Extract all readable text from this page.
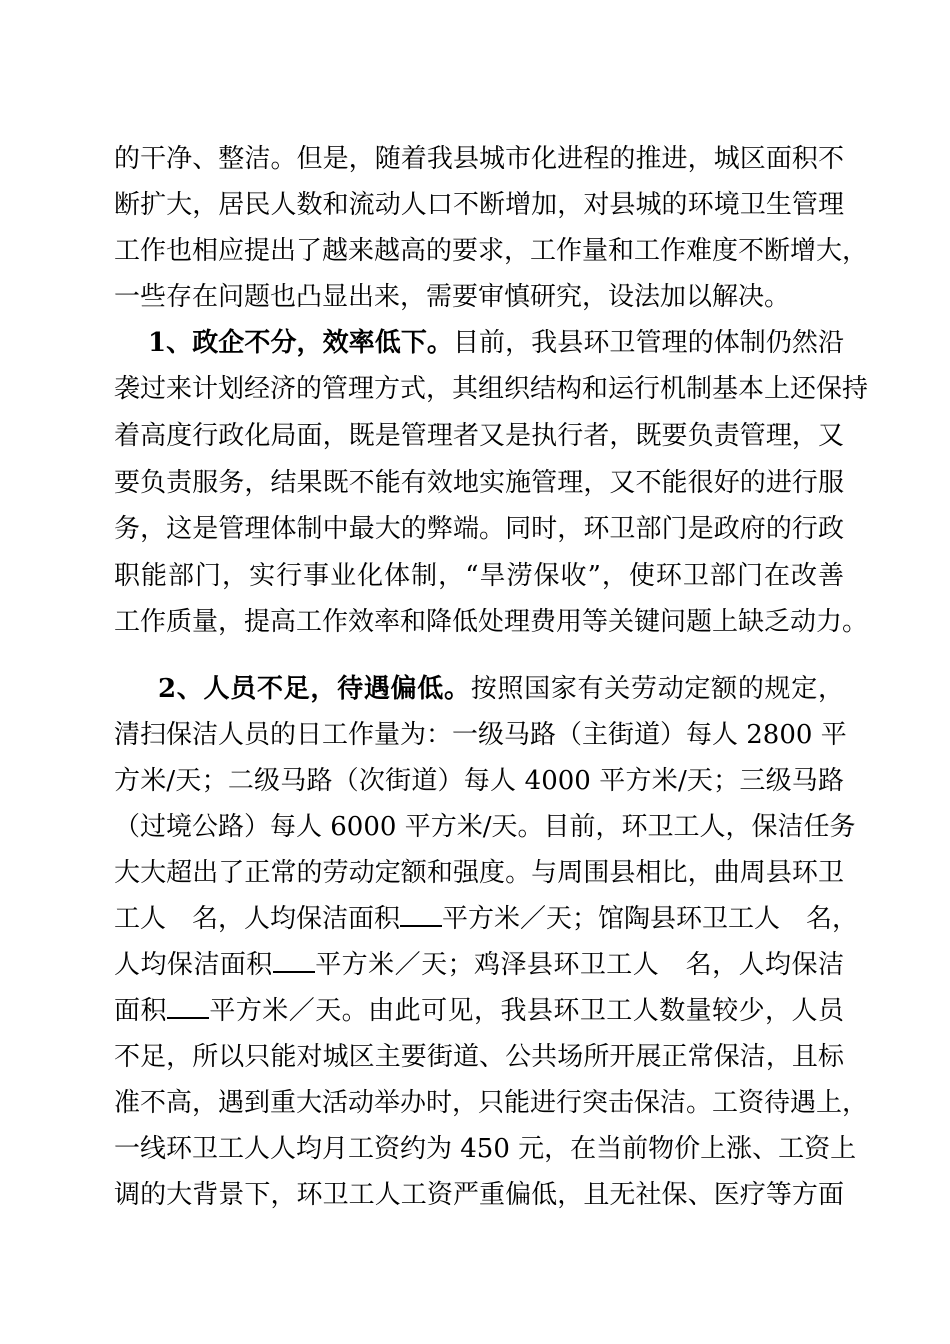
的干净、整洁。但是，随着我县城市化进程的推进，城区面积不
断扩大，居民人数和流动人口不断增加，对县城的环境卫生管理
工作也相应提出了越来越高的要求，工作量和工作难度不断增大，
一些存在问题也凸显出来，需要审慎研究，设法加以解决。
1、政企不分，效率低下。目前，我县环卫管理的体制仍然沿
袭过来计划经济的管理方式，其组织结构和运行机制基本上还保持
着高度行政化局面，既是管理者又是执行者，既要负责管理，又
要负责服务，结果既不能有效地实施管理，又不能很好的进行服
务，这是管理体制中最大的弊端。同时，环卫部门是政府的行政
职能部门，实行事业化体制，“旱涝保收”，使环卫部门在改善
工作质量，提高工作效率和降低处理费用等关键问题上缺乏动力。
2、人员不足，待遇偏低。按照国家有关劳动定额的规定，
清扫保洁人员的日工作量为：一级马路（主街道）每人 2800 平
方米/天；二级马路（次街道）每人 4000 平方米/天；三级马路
（过境公路）每人 6000 平方米/天。目前，环卫工人，保洁任务
大大超出了正常的劳动定额和强度。与周围县相比，曲周县环卫
工人 名，人均保洁面积 平方米／天；馆陶县环卫工人 名，
人均保洁面积 平方米／天；鸡泽县环卫工人 名，人均保洁
面积 平方米／天。由此可见，我县环卫工人数量较少，人员
不足，所以只能对城区主要街道、公共场所开展正常保洁，且标
准不高，遇到重大活动举办时，只能进行突击保洁。工资待遇上，
一线环卫工人人均月工资约为 450 元，在当前物价上涨、工资上
调的大背景下，环卫工人工资严重偏低，且无社保、医疗等方面
